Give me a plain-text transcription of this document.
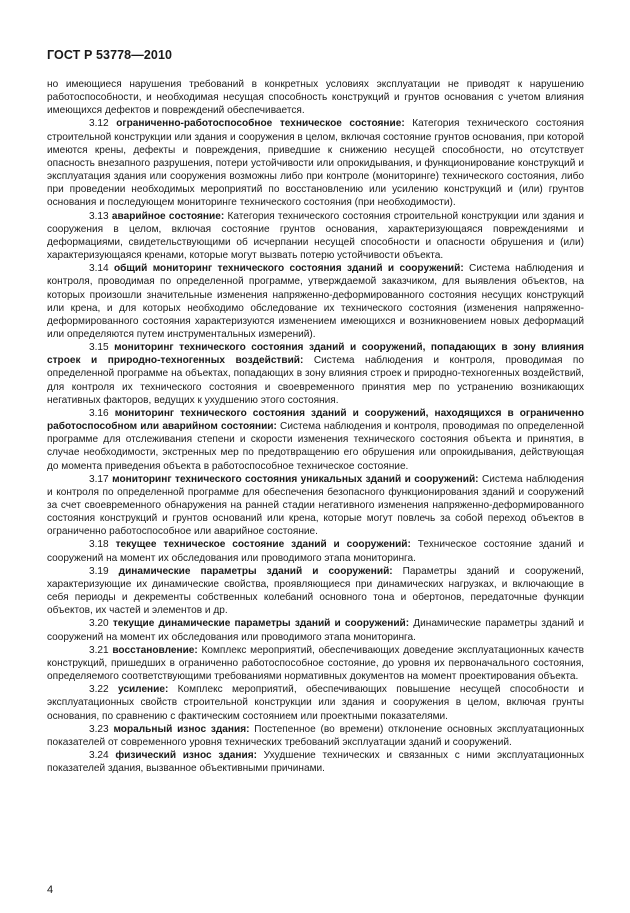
ГОСТ Р 53778—2010

но имеющиеся нарушения требований в конкретных условиях эксплуатации не приводят к нарушению работоспособности, и необходимая несущая способность конструкций и грунтов основания с учетом влияния имеющихся дефектов и повреждений обеспечивается.

3.12 ограниченно-работоспособное техническое состояние: Категория технического состояния строительной конструкции или здания и сооружения в целом, включая состояние грунтов основания, при которой имеются крены, дефекты и повреждения, приведшие к снижению несущей способности, но отсутствует опасность внезапного разрушения, потери устойчивости или опрокидывания, и функционирование конструкций и эксплуатация здания или сооружения возможны либо при контроле (мониторинге) технического состояния, либо при проведении необходимых мероприятий по восстановлению или усилению конструкций и (или) грунтов основания и последующем мониторинге технического состояния (при необходимости).

3.13 аварийное состояние: Категория технического состояния строительной конструкции или здания и сооружения в целом, включая состояние грунтов основания, характеризующаяся повреждениями и деформациями, свидетельствующими об исчерпании несущей способности и опасности обрушения и (или) характеризующаяся кренами, которые могут вызвать потерю устойчивости объекта.

3.14 общий мониторинг технического состояния зданий и сооружений: Система наблюдения и контроля, проводимая по определенной программе, утверждаемой заказчиком, для выявления объектов, на которых произошли значительные изменения напряженно-деформированного состояния несущих конструкций или крена, и для которых необходимо обследование их технического состояния (изменения напряженно-деформированного состояния характеризуются изменением имеющихся и возникновением новых деформаций или определяются путем инструментальных измерений).

3.15 мониторинг технического состояния зданий и сооружений, попадающих в зону влияния строек и природно-техногенных воздействий: Система наблюдения и контроля, проводимая по определенной программе на объектах, попадающих в зону влияния строек и природно-техногенных воздействий, для контроля их технического состояния и своевременного принятия мер по устранению возникающих негативных факторов, ведущих к ухудшению этого состояния.

3.16 мониторинг технического состояния зданий и сооружений, находящихся в ограниченно работоспособном или аварийном состоянии: Система наблюдения и контроля, проводимая по определенной программе для отслеживания степени и скорости изменения технического состояния объекта и принятия, в случае необходимости, экстренных мер по предотвращению его обрушения или опрокидывания, действующая до момента приведения объекта в работоспособное техническое состояние.

3.17 мониторинг технического состояния уникальных зданий и сооружений: Система наблюдения и контроля по определенной программе для обеспечения безопасного функционирования зданий и сооружений за счет своевременного обнаружения на ранней стадии негативного изменения напряженно-деформированного состояния конструкций и грунтов оснований или крена, которые могут повлечь за собой переход объектов в ограниченно работоспособное или аварийное состояние.

3.18 текущее техническое состояние зданий и сооружений: Техническое состояние зданий и сооружений на момент их обследования или проводимого этапа мониторинга.

3.19 динамические параметры зданий и сооружений: Параметры зданий и сооружений, характеризующие их динамические свойства, проявляющиеся при динамических нагрузках, и включающие в себя периоды и декременты собственных колебаний основного тона и обертонов, передаточные функции объектов, их частей и элементов и др.

3.20 текущие динамические параметры зданий и сооружений: Динамические параметры зданий и сооружений на момент их обследования или проводимого этапа мониторинга.

3.21 восстановление: Комплекс мероприятий, обеспечивающих доведение эксплуатационных качеств конструкций, пришедших в ограниченно работоспособное состояние, до уровня их первоначального состояния, определяемого соответствующими требованиями нормативных документов на момент проектирования объекта.

3.22 усиление: Комплекс мероприятий, обеспечивающих повышение несущей способности и эксплуатационных свойств строительной конструкции или здания и сооружения в целом, включая грунты основания, по сравнению с фактическим состоянием или проектными показателями.

3.23 моральный износ здания: Постепенное (во времени) отклонение основных эксплуатационных показателей от современного уровня технических требований эксплуатации зданий и сооружений.

3.24 физический износ здания: Ухудшение технических и связанных с ними эксплуатационных показателей здания, вызванное объективными причинами.

4
